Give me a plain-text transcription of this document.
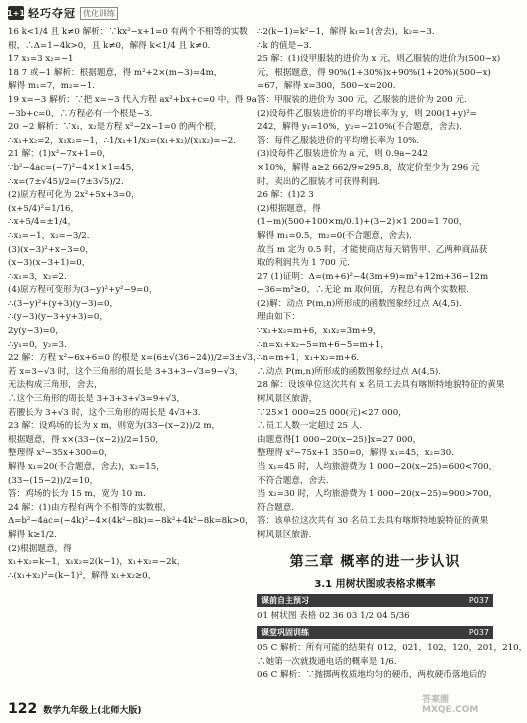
1+1 轻巧夺冠 优化训练

16 k<1/4 且 k≠0 解析：∵kx²−x+1=0 有两个不相等的实数

根，∴Δ=1−4k>0，且 k≠0，解得 k<1/4 且 k≠0.

17 x₁=3 x₂=−1

18 7 或−1 解析：根据题意，得 m²+2×(m−3)=4m，

解得 m₁=7，m₂=−1.

19 x=−3 解析：∵把 x=−3 代入方程 ax²+bx+c=0 中，得 9a

−3b+c=0，∴方程必有一个根是−3.

20 −2 解析：∵x₁，x₂是方程 x²−2x−1=0 的两个根，

∴x₁+x₂=2，x₁x₂=−1，∴1/x₁+1/x₂=(x₁+x₂)/(x₁x₂)=−2.

21 解：(1)x²−7x+1=0，

∵b²−4ac=(−7)²−4×1×1=45，

∴x=(7±√45)/2=(7±3√5)/2.

(2)原方程可化为 2x²+5x+3=0，

(x+5/4)²=1/16，

∴x+5/4=±1/4，

∴x₁=−1，x₂=−3/2.

(3)(x−3)²+x−3=0，

(x−3)(x−3+1)=0，

∴x₁=3，x₂=2.

(4)原方程可变形为(3−y)²+y²−9=0，

∴(3−y)²+(y+3)(y−3)=0，

∴(y−3)(y−3+y+3)=0，

2y(y−3)=0，

∴y₁=0，y₂=3.

22 解：方程 x²−6x+6=0 的根是 x=(6±√(36−24))/2=3±√3，

若 x=3−√3 时，这个三角形的周长是 3+3+3−√3=9−√3，

无法构成三角形，舍去，

∴这个三角形的周长是 3+3+3+√3=9+√3，

若腰长为 3+√3 时，这个三角形的周长是 4√3+3.

23 解：设鸡场的长为 x m，则宽为(33−(x−2))/2 m，

根据题意，得 x×(33−(x−2))/2=150，

整理得 x²−35x+300=0，

解得 x₁=20(不合题意，舍去)，x₂=15，

(33−(15−2))/2=10，

答：鸡场的长为 15 m，宽为 10 m.

24 解：(1)由方程有两个不相等的实数根，

Δ=b²−4ac=(−4k)²−4×(4k²−8k)=−8k²+4k²−8k=8k>0，

解得 k≥1/2.

(2)根据题意，得

x₁+x₂=k−1，x₁x₂=2(k−1)，x₁+x₂=−2k，

∴(x₁+x₂)²=(k−1)²，解得 x₁+x₂≥0，

∴2(k−1)=k²−1，解得 k₁=1(舍去)，k₂=−3.

∴k 的值是−3.

25 解：(1)设甲服装的进价为 x 元，则乙服装的进价为(500−x)

元，根据题意，得 90%(1+30%)x+90%(1+20%)(500−x)

=67，解得 x=300，500−x=200.

答：甲服装的进价为 300 元，乙服装的进价为 200 元.

(2)设每件乙服装进价的平均增长率为 y，则 200(1+y)²=

242，解得 y₁=10%，y₂=−210%(不合题意，舍去).

答：每件乙服装进价的平均增长率为 10%.

(3)设每件乙服装进价为 a 元，则 0.9a−242

×10%，解得 a≥2 662/9≈295.8，故定价至少为 296 元

时，卖出的乙服装才可获得利润.

26 解：(1)2 3

(2)根据题意，得

(1−m)(500+100×m/0.1)+(3−2)×1 200=1 700，

解得 m₁=0.5，m₂=0(不合题意，舍去).

故当 m 定为 0.5 时，才能使商店每天销售甲、乙两种商品获

取的利润共为 1 700 元.

27 (1)证明：Δ=(m+6)²−4(3m+9)=m²+12m+36−12m

−36=m²≥0，∴无论 m 取何值，方程总有两个实数根.

(2)解：动点 P(m,n)所形成的函数图象经过点 A(4,5).

理由如下：

∵x₁+x₂=m+6，x₁x₂=3m+9，

∴n=x₁+x₂−5=m+6−5=m+1，

∴n=m+1，x₁+x₂=m+6.

∴动点 P(m,n)所形成的函数图象经过点 A(4,5).

28 解：设该单位这次共有 x 名员工去具有喀斯特地貌特征的黄果

树风景区旅游，

∵25×1 000=25 000(元)<27 000，

∴员工人数一定超过 25 人.

由题意得[1 000−20(x−25)]x=27 000，

整理得 x²−75x+1 350=0，解得 x₁=45，x₂=30.

当 x₁=45 时，人均旅游费为 1 000−20(x−25)=600<700，

不符合题意，舍去.

当 x₂=30 时，人均旅游费为 1 000−20(x−25)=900>700，

符合题意.

答：该单位这次共有 30 名员工去具有喀斯特地貌特征的黄果

树风景区旅游.

第三章 概率的进一步认识
3.1 用树状图或表格求概率
课前自主预习	P037

01 树状图 表格 02 36 03 1/2 04 5/36

课堂巩固训练	P037

05 C 解析：所有可能的结果有 012，021，102，120，201，210，

∴她第一次就拨通电话的概率是 1/6.

06 C 解析：∵抛掷两枚质地均匀的硬币，两枚硬币落地后的

122 数学九年级上(北师大版)
答案圈 MXQE.COM
